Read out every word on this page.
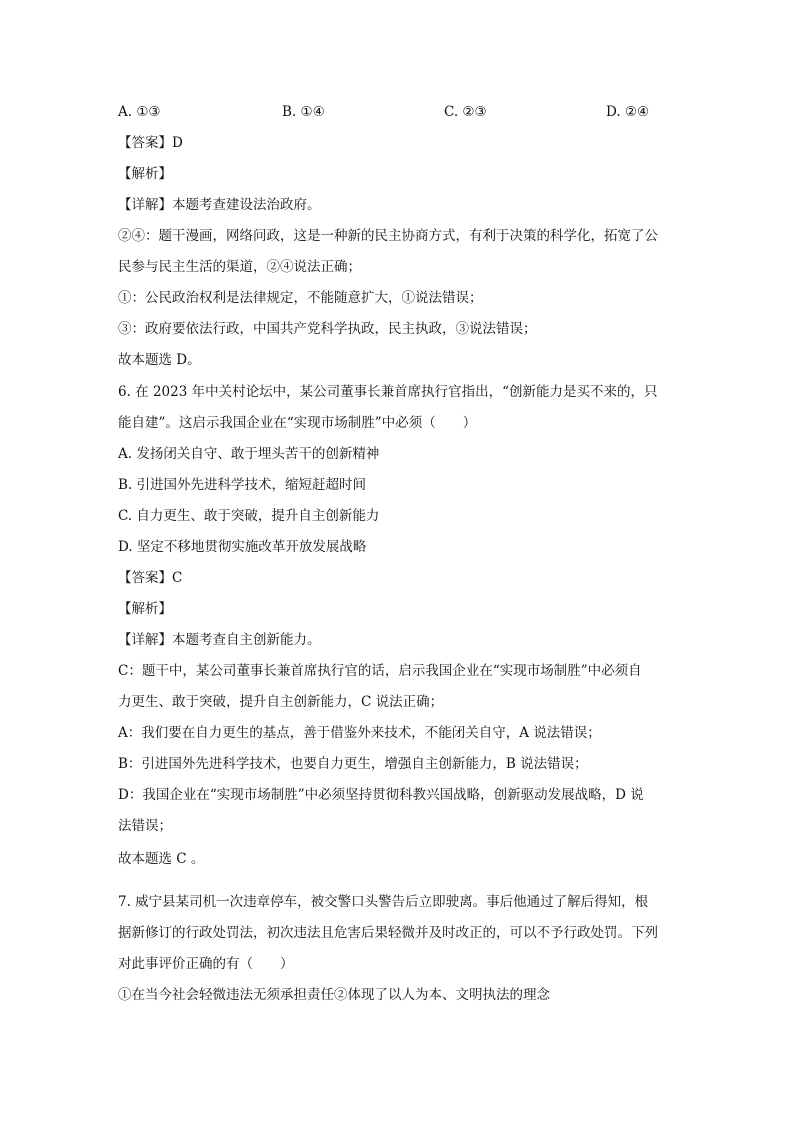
A. ①③	B. ①④	C. ②③	D. ②④
【答案】D
【解析】
【详解】本题考查建设法治政府。
②④：题干漫画，网络问政，这是一种新的民主协商方式，有利于决策的科学化，拓宽了公
民参与民主生活的渠道，②④说法正确；
①：公民政治权利是法律规定，不能随意扩大，①说法错误；
③：政府要依法行政，中国共产党科学执政，民主执政，③说法错误；
故本题选 D。
6. 在 2023 年中关村论坛中，某公司董事长兼首席执行官指出，“创新能力是买不来的，只
能自建”。这启示我国企业在“实现市场制胜”中必须（　　）
A. 发扬闭关自守、敢于埋头苦干的创新精神
B. 引进国外先进科学技术，缩短赶超时间
C. 自力更生、敢于突破，提升自主创新能力
D. 坚定不移地贯彻实施改革开放发展战略
【答案】C
【解析】
【详解】本题考查自主创新能力。
C：题干中，某公司董事长兼首席执行官的话，启示我国企业在“实现市场制胜”中必须自
力更生、敢于突破，提升自主创新能力，C 说法正确；
A：我们要在自力更生的基点，善于借鉴外来技术，不能闭关自守，A 说法错误；
B：引进国外先进科学技术，也要自力更生，增强自主创新能力，B 说法错误；
D：我国企业在“实现市场制胜”中必须坚持贯彻科教兴国战略，创新驱动发展战略，D 说
法错误；
故本题选 C 。
7. 威宁县某司机一次违章停车，被交警口头警告后立即驶离。事后他通过了解后得知，根
据新修订的行政处罚法，初次违法且危害后果轻微并及时改正的，可以不予行政处罚。下列
对此事评价正确的有（　　）
①在当今社会轻微违法无须承担责任②体现了以人为本、文明执法的理念
